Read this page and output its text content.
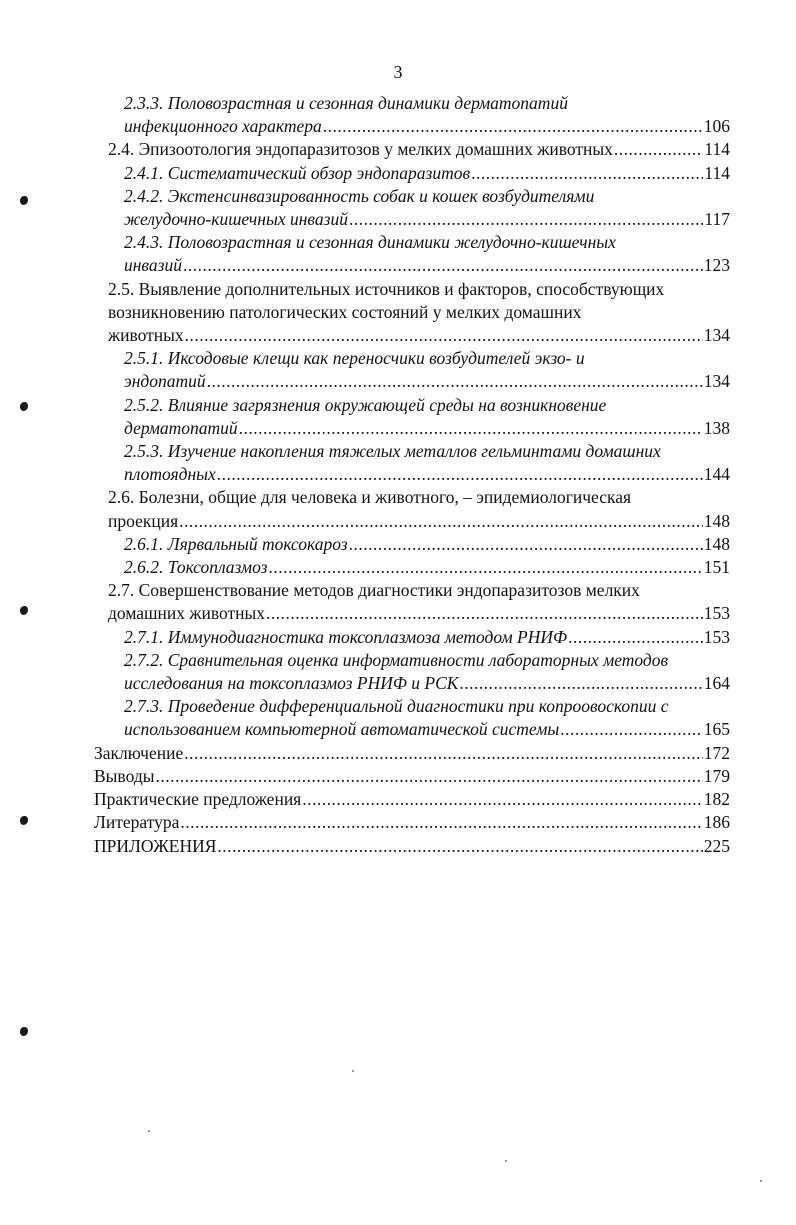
3
2.3.3. Половозрастная и сезонная динамики дерматопатий
инфекционного характера .....	106
2.4. Эпизоотология эндопаразитозов у мелких домашних животных .....	114
2.4.1. Систематический обзор эндопаразитов .....	114
2.4.2. Экстенсинвазированность собак и кошек возбудителями
желудочно-кишечных инвазий .....	117
2.4.3. Половозрастная и сезонная динамики желудочно-кишечных
инвазий .....	123
2.5. Выявление дополнительных источников и факторов, способствующих
возникновению патологических состояний у мелких домашних
животных .....	134
2.5.1. Иксодовые клещи как переносчики возбудителей экзо- и
эндопатий .....	134
2.5.2. Влияние загрязнения окружающей среды на возникновение
дерматопатий .....	138
2.5.3. Изучение накопления тяжелых металлов гельминтами домашних
плотоядных .....	144
2.6. Болезни, общие для человека и животного, – эпидемиологическая
проекция .....	148
2.6.1. Лярвальный токсокароз .....	148
2.6.2. Токсоплазмоз .....	151
2.7. Совершенствование методов диагностики эндопаразитозов мелких
домашних животных .....	153
2.7.1. Иммунодиагностика токсоплазмоза методом РНИФ .....	153
2.7.2. Сравнительная оценка информативности лабораторных методов
исследования на токсоплазмоз РНИФ и РСК .....	164
2.7.3. Проведение дифференциальной диагностики при копроовоскопии с
использованием компьютерной автоматической системы .....	165
Заключение .....	172
Выводы .....	179
Практические предложения .....	182
Литература .....	186
ПРИЛОЖЕНИЯ .....	225
